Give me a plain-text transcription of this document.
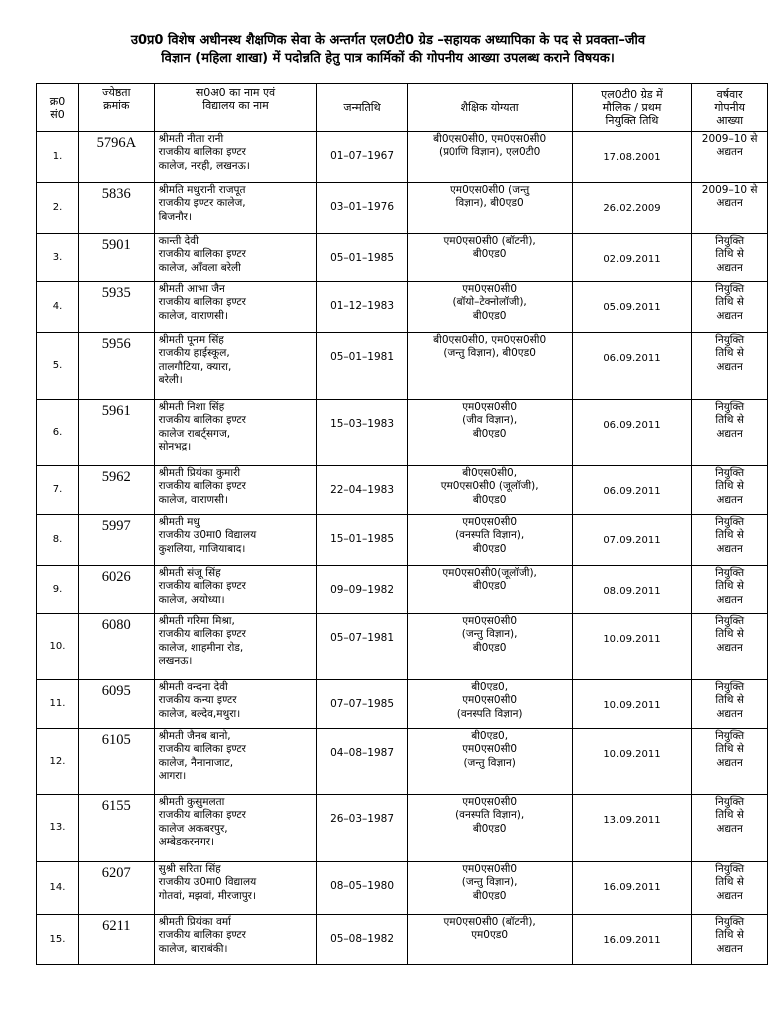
उ0प्र0 विशेष अधीनस्थ शैक्षणिक सेवा के अन्तर्गत एल0टी0 ग्रेड –सहायक अध्यापिका के पद से प्रवक्ता–जीव
विज्ञान (महिला शाखा) में पदोन्नति हेतु पात्र कार्मिकों की गोपनीय आख्या उपलब्ध कराने विषयक।
क्र0
सं0	ज्येष्ठता
क्रमांक	स0अ0 का नाम एवं
विद्यालय का नाम	जन्मतिथि	शैक्षिक योग्यता	एल0टी0 ग्रेड में
मौलिक / प्रथम
नियुक्ति तिथि	वर्षवार
गोपनीय
आख्या

1.	5796A	श्रीमती नीता रानी
राजकीय बालिका इण्टर
कालेज, नरही, लखनऊ।	01–07–1967	बी0एस0सी0, एम0एस0सी0
(प्र0ाणि विज्ञान), एल0टी0	17.08.2001	2009–10 से
अद्यतन

2.	5836	श्रीमति मधुरानी राजपूत
राजकीय इण्टर कालेज,
बिजनौर।	03–01–1976	एम0एस0सी0 (जन्तु
विज्ञान), बी0एड0	26.02.2009	2009–10 से
अद्यतन

3.	5901	कान्ती देवी
राजकीय बालिका इण्टर
कालेज, आँवला बरेली	05–01–1985	एम0एस0सी0 (बॉटनी),
बी0एड0	02.09.2011	नियुक्ति
तिथि से
अद्यतन

4.	5935	श्रीमती आभा जैन
राजकीय बालिका इण्टर
कालेज, वाराणसी।	01–12–1983	एम0एस0सी0
(बॉयो–टेक्नोलॉजी),
बी0एड0	05.09.2011	नियुक्ति
तिथि से
अद्यतन

5.	5956	श्रीमती पूनम सिंह
राजकीय हाईस्कूल,
तालगौटिया, क्यारा,
बरेली।	05–01–1981	बी0एस0सी0, एम0एस0सी0
(जन्तु विज्ञान), बी0एड0	06.09.2011	नियुक्ति
तिथि से
अद्यतन

6.	5961	श्रीमती निशा सिंह
राजकीय बालिका इण्टर
कालेज राबर्ट्सगज,
सोनभद्र।	15–03–1983	एम0एस0सी0
(जीव विज्ञान),
बी0एड0	06.09.2011	नियुक्ति
तिथि से
अद्यतन

7.	5962	श्रीमती प्रियंका कुमारी
राजकीय बालिका इण्टर
कालेज, वाराणसी।	22–04–1983	बी0एस0सी0,
एम0एस0सी0 (जूलॉजी),
बी0एड0	06.09.2011	नियुक्ति
तिथि से
अद्यतन

8.	5997	श्रीमती मधु
राजकीय उ0मा0 विद्यालय
कुशलिया, गाजियाबाद।	15–01–1985	एम0एस0सी0
(वनस्पति विज्ञान),
बी0एड0	07.09.2011	नियुक्ति
तिथि से
अद्यतन

9.	6026	श्रीमती संजू सिंह
राजकीय बालिका इण्टर
कालेज, अयोध्या।	09–09–1982	एम0एस0सी0(जूलॉजी),
बी0एड0	08.09.2011	नियुक्ति
तिथि से
अद्यतन

10.	6080	श्रीमती गरिमा मिश्रा,
राजकीय बालिका इण्टर
कालेज, शाहमीना रोड,
लखनऊ।	05–07–1981	एम0एस0सी0
(जन्तु विज्ञान),
बी0एड0	10.09.2011	नियुक्ति
तिथि से
अद्यतन

11.	6095	श्रीमती वन्दना देवी
राजकीय कन्या इण्टर
कालेज, बल्देव,मथुरा।	07–07–1985	बी0एड0,
एम0एस0सी0
(वनस्पति विज्ञान)	10.09.2011	नियुक्ति
तिथि से
अद्यतन

12.	6105	श्रीमती जैनब बानो,
राजकीय बालिका इण्टर
कालेज, नैनानाजाट,
आगरा।	04–08–1987	बी0एड0,
एम0एस0सी0
(जन्तु विज्ञान)	10.09.2011	नियुक्ति
तिथि से
अद्यतन

13.	6155	श्रीमती कुसुमलता
राजकीय बालिका इण्टर
कालेज अकबरपुर,
अम्बेडकरनगर।	26–03–1987	एम0एस0सी0
(वनस्पति विज्ञान),
बी0एड0	13.09.2011	नियुक्ति
तिथि से
अद्यतन

14.	6207	सुश्री सरिता सिंह
राजकीय उ0मा0 विद्यालय
गोतवां, मझवां, मीरजापुर।	08–05–1980	एम0एस0सी0
(जन्तु विज्ञान),
बी0एड0	16.09.2011	नियुक्ति
तिथि से
अद्यतन

15.	6211	श्रीमती प्रियंका वर्मा
राजकीय बालिका इण्टर
कालेज, बाराबंकी।	05–08–1982	एम0एस0सी0 (बॉटनी),
एम0एड0	16.09.2011	नियुक्ति
तिथि से
अद्यतन
